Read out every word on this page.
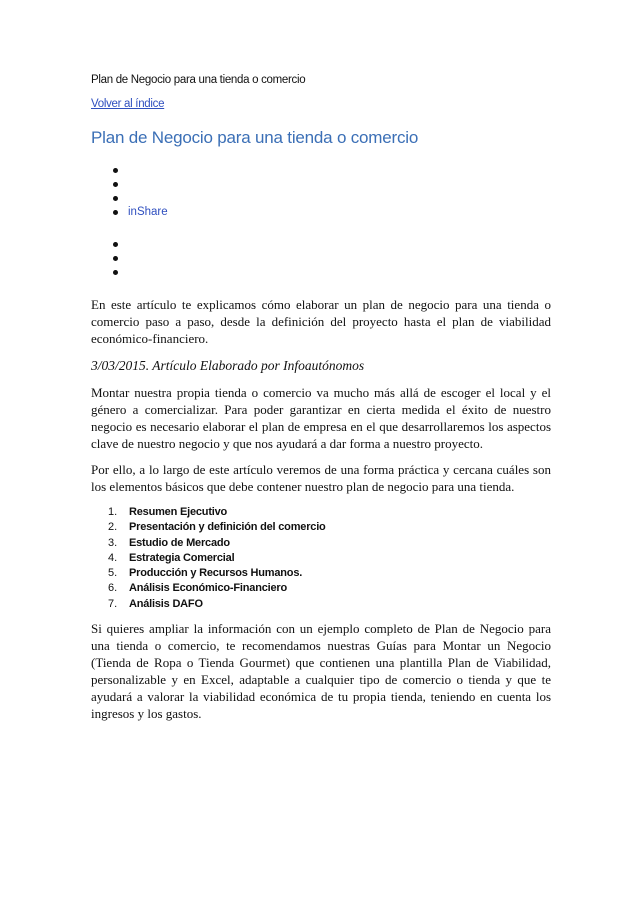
Plan de Negocio para una tienda o comercio
Volver al índice
Plan de Negocio para una tienda o comercio
inShare

En este artículo te explicamos cómo elaborar un plan de negocio para una tienda o comercio paso a paso, desde la definición del proyecto hasta el plan de viabilidad económico-financiero.

3/03/2015. Artículo Elaborado por Infoautónomos

Montar nuestra propia tienda o comercio va mucho más allá de escoger el local y el género a comercializar. Para poder garantizar en cierta medida el éxito de nuestro negocio es necesario elaborar el plan de empresa en el que desarrollaremos los aspectos clave de nuestro negocio y que nos ayudará a dar forma a nuestro proyecto.

Por ello, a lo largo de este artículo veremos de una forma práctica y cercana cuáles son los elementos básicos que debe contener nuestro plan de negocio para una tienda.

1. Resumen Ejecutivo
2. Presentación y definición del comercio
3. Estudio de Mercado
4. Estrategia Comercial
5. Producción y Recursos Humanos.
6. Análisis Económico-Financiero
7. Análisis DAFO

Si quieres ampliar la información con un ejemplo completo de Plan de Negocio para una tienda o comercio, te recomendamos nuestras Guías para Montar un Negocio (Tienda de Ropa o Tienda Gourmet) que contienen una plantilla Plan de Viabilidad, personalizable y en Excel, adaptable a cualquier tipo de comercio o tienda y que te ayudará a valorar la viabilidad económica de tu propia tienda, teniendo en cuenta los ingresos y los gastos.
